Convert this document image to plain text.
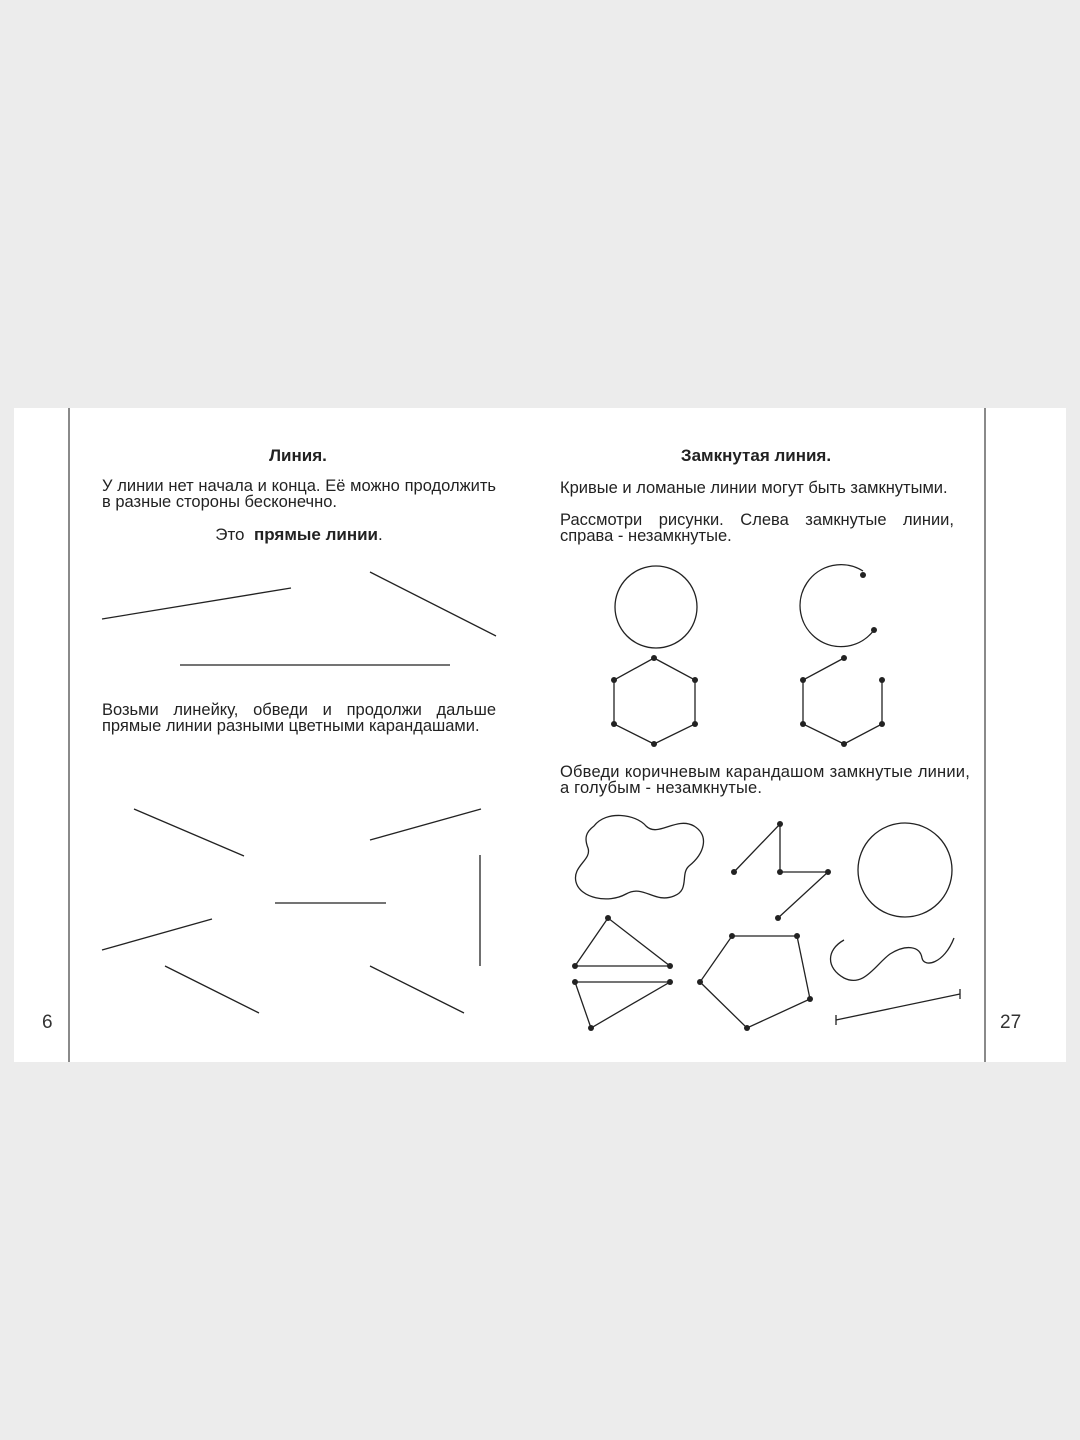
6	27
Линия.
У линии нет начала и конца. Её можно продолжить в разные стороны бесконечно.
Это прямые линии.
Возьми линейку, обведи и продолжи дальше прямые линии разными цветными карандашами.
Замкнутая линия.
Кривые и ломаные линии могут быть замкнутыми.
Рассмотри рисунки. Слева замкнутые линии, справа - незамкнутые.
Обведи коричневым карандашом замкнутые линии, а голубым - незамкнутые.
